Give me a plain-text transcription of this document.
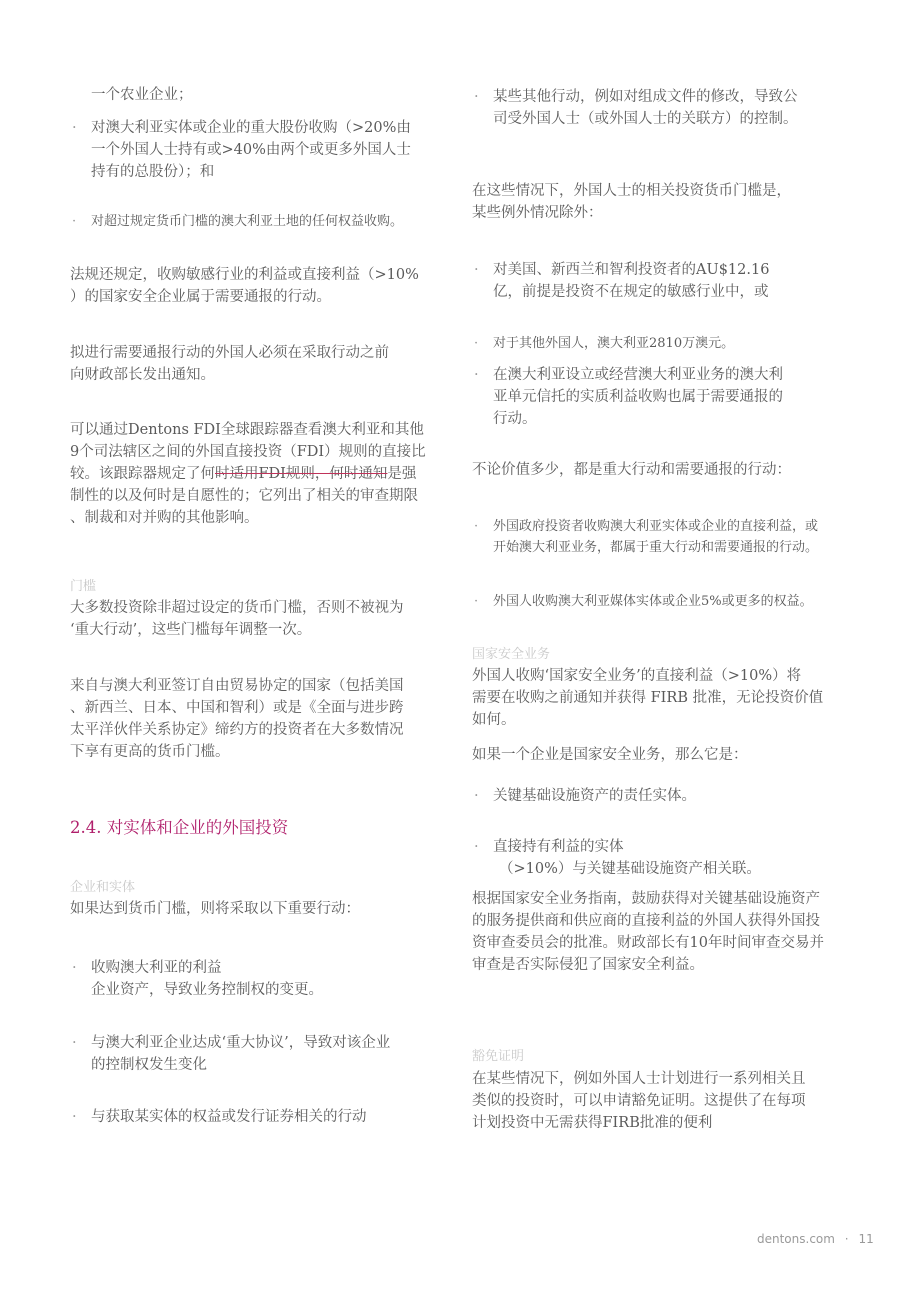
一个农业企业；
· 对澳大利亚实体或企业的重大股份收购（>20%由
一个外国人士持有或>40%由两个或更多外国人士
持有的总股份）；和
· 对超过规定货币门槛的澳大利亚土地的任何权益收购。
法规还规定，收购敏感行业的利益或直接利益（>10%
）的国家安全企业属于需要通报的行动。
拟进行需要通报行动的外国人必须在采取行动之前
向财政部长发出通知。
可以通过Dentons FDI全球跟踪器查看澳大利亚和其他
9个司法辖区之间的外国直接投资（FDI）规则的直接比
较。该跟踪器规定了何时适用FDI规则，何时通知是强
制性的以及何时是自愿性的；它列出了相关的审查期限
、制裁和对并购的其他影响。
门槛
大多数投资除非超过设定的货币门槛，否则不被视为
‘重大行动’，这些门槛每年调整一次。
来自与澳大利亚签订自由贸易协定的国家（包括美国
、新西兰、日本、中国和智利）或是《全面与进步跨
太平洋伙伴关系协定》缔约方的投资者在大多数情况
下享有更高的货币门槛。
2.4. 对实体和企业的外国投资
企业和实体
如果达到货币门槛，则将采取以下重要行动：
· 收购澳大利亚的利益
企业资产，导致业务控制权的变更。
· 与澳大利亚企业达成‘重大协议’，导致对该企业
的控制权发生变化
· 与获取某实体的权益或发行证券相关的行动
· 某些其他行动，例如对组成文件的修改，导致公
司受外国人士（或外国人士的关联方）的控制。
在这些情况下，外国人士的相关投资货币门槛是，
某些例外情况除外：
· 对美国、新西兰和智利投资者的AU$12.16
亿，前提是投资不在规定的敏感行业中，或
· 对于其他外国人，澳大利亚2810万澳元。
· 在澳大利亚设立或经营澳大利亚业务的澳大利
亚单元信托的实质利益收购也属于需要通报的
行动。
不论价值多少，都是重大行动和需要通报的行动：
· 外国政府投资者收购澳大利亚实体或企业的直接利益，或
开始澳大利亚业务，都属于重大行动和需要通报的行动。
· 外国人收购澳大利亚媒体实体或企业5%或更多的权益。
国家安全业务
外国人收购‘国家安全业务’的直接利益（>10%）将
需要在收购之前通知并获得 FIRB 批准，无论投资价值
如何。
如果一个企业是国家安全业务，那么它是：
· 关键基础设施资产的责任实体。
· 直接持有利益的实体
（>10%）与关键基础设施资产相关联。
根据国家安全业务指南，鼓励获得对关键基础设施资产
的服务提供商和供应商的直接利益的外国人获得外国投
资审查委员会的批准。财政部长有10年时间审查交易并
审查是否实际侵犯了国家安全利益。
豁免证明
在某些情况下，例如外国人士计划进行一系列相关且
类似的投资时，可以申请豁免证明。这提供了在每项
计划投资中无需获得FIRB批准的便利
dentons.com · 11
